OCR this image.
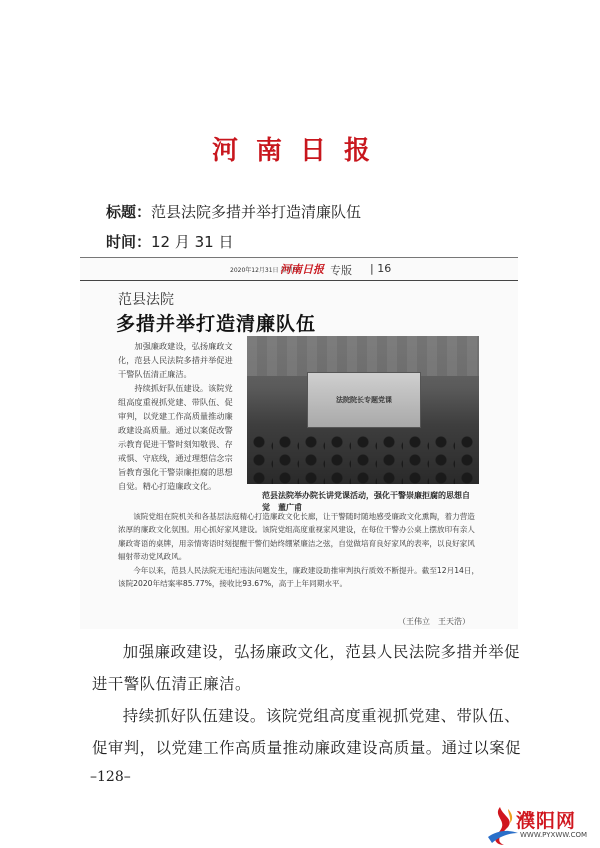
河南日报
标题：范县法院多措并举打造清廉队伍
时间：12 月 31 日
2020年12月31日 星期四
河南日报 专版 | 16
范县法院
多措并举打造清廉队伍

加强廉政建设，弘扬廉政文化，范县人民法院多措并举促进干警队伍清正廉洁。

持续抓好队伍建设。该院党组高度重视抓党建、带队伍、促审判，以党建工作高质量推动廉政建设高质量。通过以案促改警示教育促进干警时刻知敬畏、存戒惧、守底线，通过理想信念宗旨教育强化干警崇廉拒腐的思想自觉。精心打造廉政文化。

法院院长专题党课
范县法院举办院长讲党课活动，强化干警崇廉拒腐的思想自觉　董广甫

该院党组在院机关和各基层法庭精心打造廉政文化长廊，让干警随时随地感受廉政文化熏陶，着力营造浓厚的廉政文化氛围。用心抓好家风建设。该院党组高度重视家风建设，在每位干警办公桌上摆放印有亲人廉政寄语的桌牌，用亲情寄语时刻提醒干警们始终绷紧廉洁之弦，自觉做培育良好家风的表率，以良好家风辐射带动党风政风。

今年以来，范县人民法院无违纪违法问题发生，廉政建设助推审判执行质效不断提升。截至12月14日，该院2020年结案率85.77%，接收比93.67%，高于上年同期水平。

（王伟立　王天浩）

加强廉政建设，弘扬廉政文化，范县人民法院多措并举促进干警队伍清正廉洁。

持续抓好队伍建设。该院党组高度重视抓党建、带队伍、促审判，以党建工作高质量推动廉政建设高质量。通过以案促

–128–
濮阳网
WWW.PYXWW.COM
